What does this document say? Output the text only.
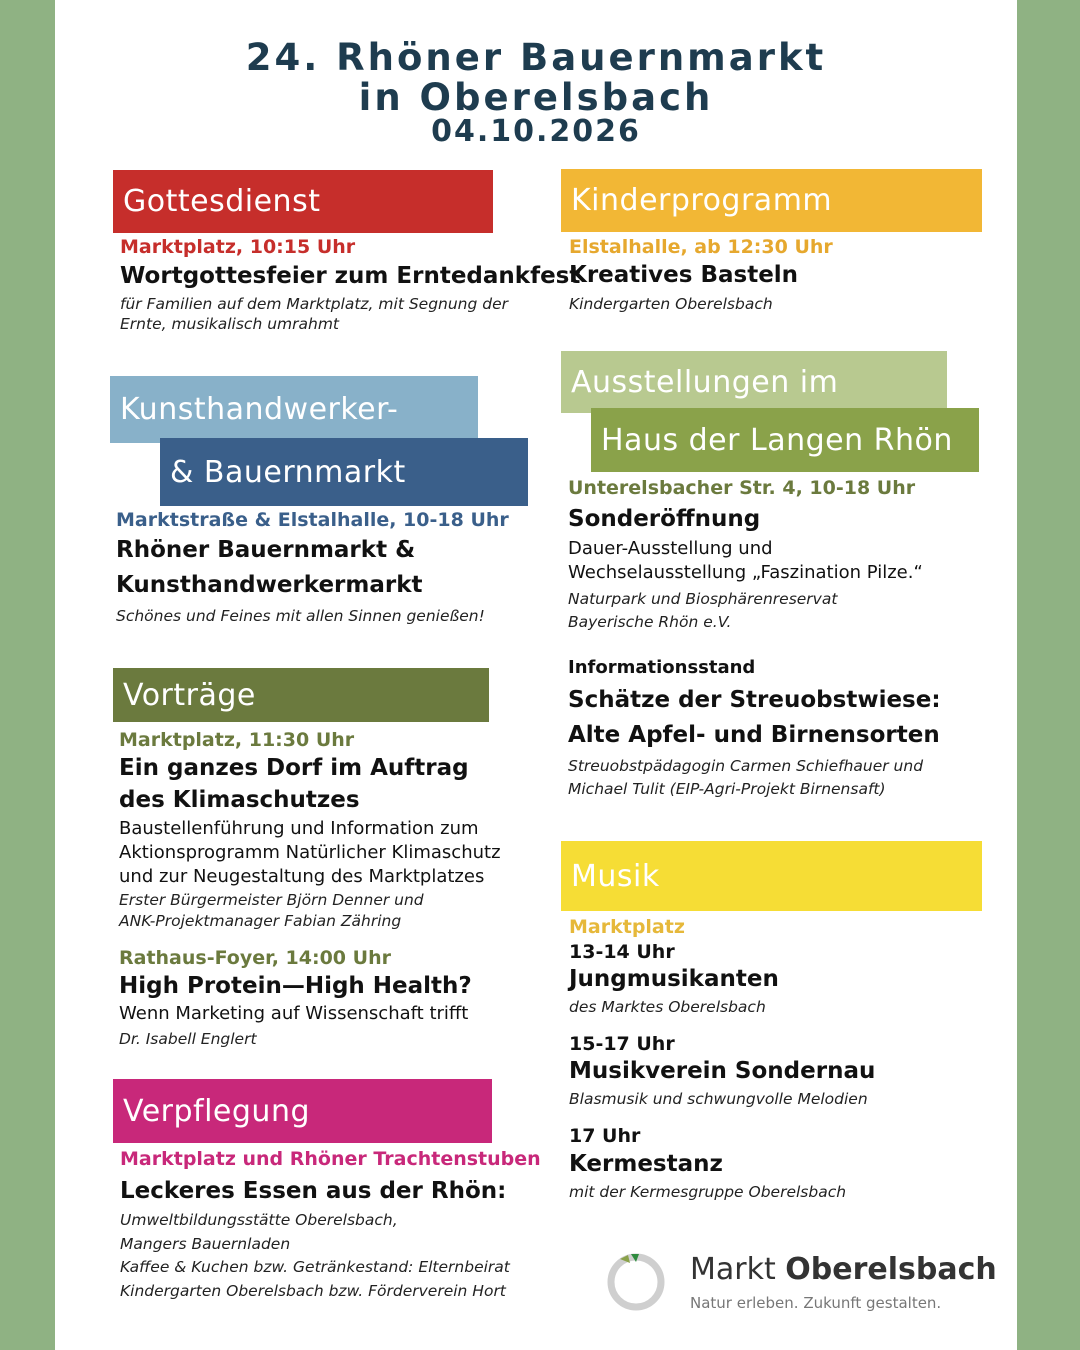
24. Rhöner Bauernmarkt
in Oberelsbach
04.10.2026
Gottesdienst
Marktplatz, 10:15 Uhr
Wortgottesfeier zum Erntedankfest
für Familien auf dem Marktplatz, mit Segnung der
Ernte, musikalisch umrahmt
Kunsthandwerker-
& Bauernmarkt
Marktstraße & Elstalhalle, 10-18 Uhr
Rhöner Bauernmarkt &
Kunsthandwerkermarkt
Schönes und Feines mit allen Sinnen genießen!
Vorträge
Marktplatz, 11:30 Uhr
Ein ganzes Dorf im Auftrag
des Klimaschutzes
Baustellenführung und Information zum
Aktionsprogramm Natürlicher Klimaschutz
und zur Neugestaltung des Marktplatzes
Erster Bürgermeister Björn Denner und
ANK-Projektmanager Fabian Zähring
Rathaus-Foyer, 14:00 Uhr
High Protein—High Health?
Wenn Marketing auf Wissenschaft trifft
Dr. Isabell Englert
Verpflegung
Marktplatz und Rhöner Trachtenstuben
Leckeres Essen aus der Rhön:
Umweltbildungsstätte Oberelsbach,
Mangers Bauernladen
Kaffee & Kuchen bzw. Getränkestand: Elternbeirat
Kindergarten Oberelsbach bzw. Förderverein Hort
Kinderprogramm
Elstalhalle, ab 12:30 Uhr
Kreatives Basteln
Kindergarten Oberelsbach
Ausstellungen im
Haus der Langen Rhön
Unterelsbacher Str. 4, 10-18 Uhr
Sonderöffnung
Dauer-Ausstellung und
Wechselausstellung „Faszination Pilze.“
Naturpark und Biosphärenreservat
Bayerische Rhön e.V.
Informationsstand
Schätze der Streuobstwiese:
Alte Apfel- und Birnensorten
Streuobstpädagogin Carmen Schiefhauer und
Michael Tulit (EIP-Agri-Projekt Birnensaft)
Musik
Marktplatz
13-14 Uhr
Jungmusikanten
des Marktes Oberelsbach
15-17 Uhr
Musikverein Sondernau
Blasmusik und schwungvolle Melodien
17 Uhr
Kermestanz
mit der Kermesgruppe Oberelsbach
Markt Oberelsbach
Natur erleben. Zukunft gestalten.
